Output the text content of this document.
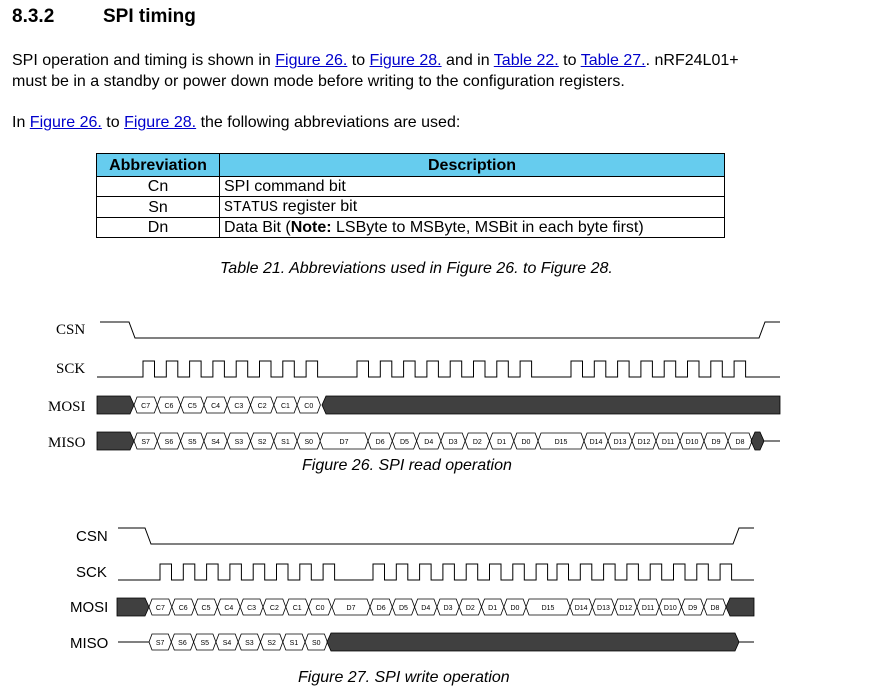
8.3.2	SPI timing
SPI operation and timing is shown in Figure 26. to Figure 28. and in Table 22. to Table 27.. nRF24L01+
must be in a standby or power down mode before writing to the configuration registers.
In Figure 26. to Figure 28. the following abbreviations are used:
Abbreviation	Description
Cn	SPI command bit
Sn	STATUS register bit
Dn	Data Bit (Note: LSByte to MSByte, MSBit in each byte first)
Table 21. Abbreviations used in Figure 26. to Figure 28.
CSN
SCK
MOSI
MISO
C7 C6 C5 C4 C3 C2 C1 C0
S7 S6 S5 S4 S3 S2 S1 S0	D7	D6 D5 D4 D3 D2 D1 D0	D15	D14 D13 D12 D11 D10 D9 D8
CSN
SCK
MOSI
MISO
C7 C6 C5 C4 C3 C2 C1 C0	D7	D6 D5 D4 D3 D2 D1 D0	D15	D14 D13 D12 D11 D10 D9 D8
S7 S6 S5 S4 S3 S2 S1 S0
Figure 26. SPI read operation
Figure 27. SPI write operation
